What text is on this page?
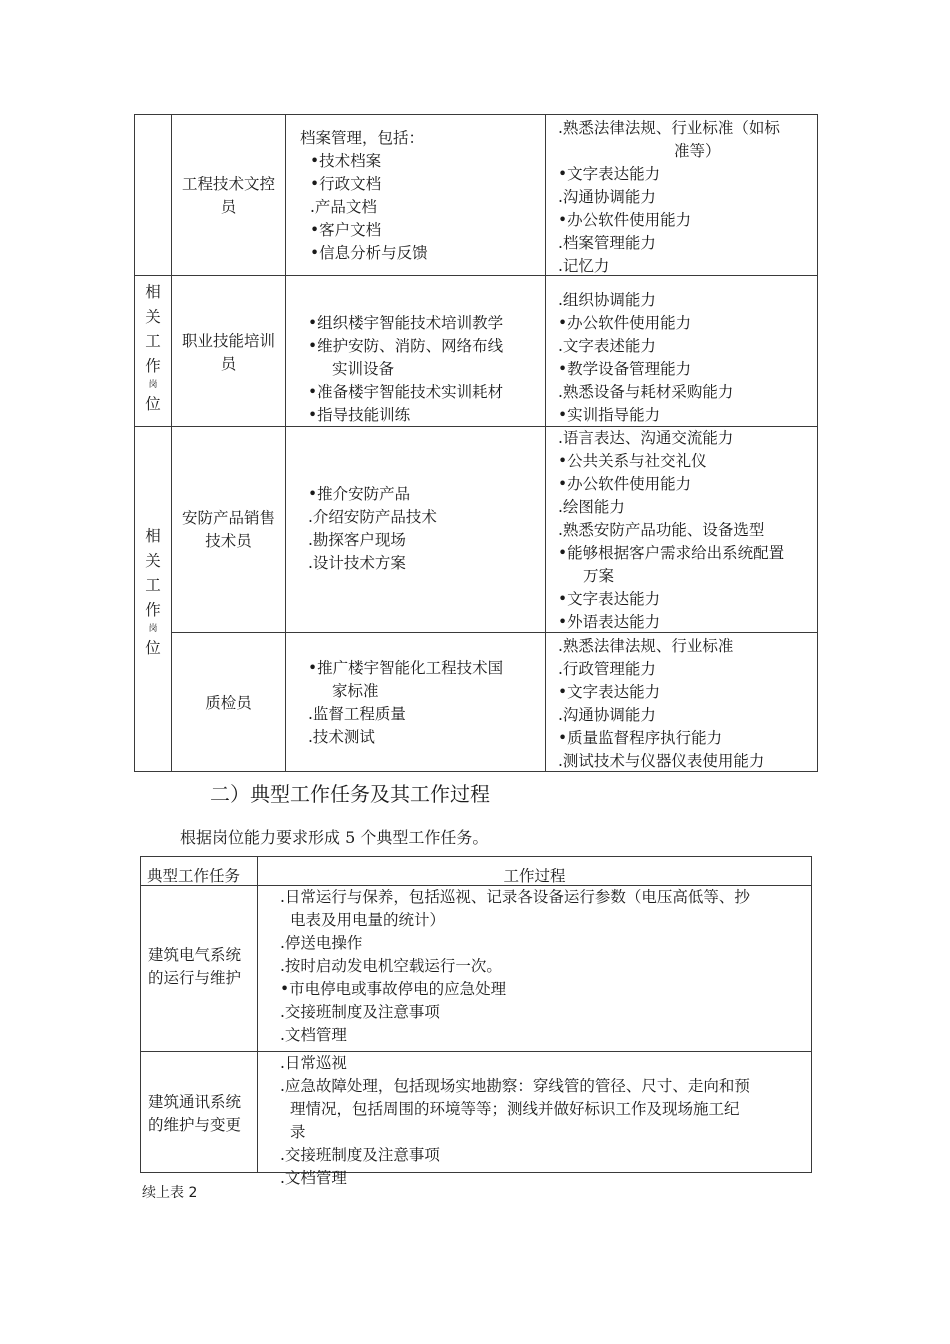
相
关
工
作
岗
位
相
关
工
作
岗
位
工程技术文控
员
档案管理，包括：
•技术档案
•行政文档
.产品文档
•客户文档
•信息分析与反馈
.熟悉法律法规、行业标准（如标
准等）
•文字表达能力
.沟通协调能力
•办公软件使用能力
.档案管理能力
.记忆力
职业技能培训
员
•组织楼宇智能技术培训教学
•维护安防、消防、网络布线
实训设备
•准备楼宇智能技术实训耗材
•指导技能训练
.组织协调能力
•办公软件使用能力
.文字表述能力
•教学设备管理能力
.熟悉设备与耗材采购能力
•实训指导能力
安防产品销售
技术员
•推介安防产品
.介绍安防产品技术
.勘探客户现场
.设计技术方案
.语言表达、沟通交流能力
•公共关系与社交礼仪
•办公软件使用能力
.绘图能力
.熟悉安防产品功能、设备选型
•能够根据客户需求给出系统配置
万案
•文字表达能力
•外语表达能力
质检员
•推广楼宇智能化工程技术国
家标准
.监督工程质量
.技术测试
.熟悉法律法规、行业标准
.行政管理能力
•文字表达能力
.沟通协调能力
•质量监督程序执行能力
.测试技术与仪器仪表使用能力
二）典型工作任务及其工作过程
根据岗位能力要求形成 5 个典型工作任务。
典型工作任务	工作过程
建筑电气系统
的运行与维护
.日常运行与保养，包括巡视、记录各设备运行参数（电压高低等、抄
电表及用电量的统计）
.停送电操作
.按时启动发电机空载运行一次。
•市电停电或事故停电的应急处理
.交接班制度及注意事项
.文档管理
建筑通讯系统
的维护与变更
.日常巡视
.应急故障处理，包括现场实地勘察：穿线管的管径、尺寸、走向和预
理情况，包括周围的环境等等；测线并做好标识工作及现场施工纪
录
.交接班制度及注意事项
.文档管理
续上表 2
